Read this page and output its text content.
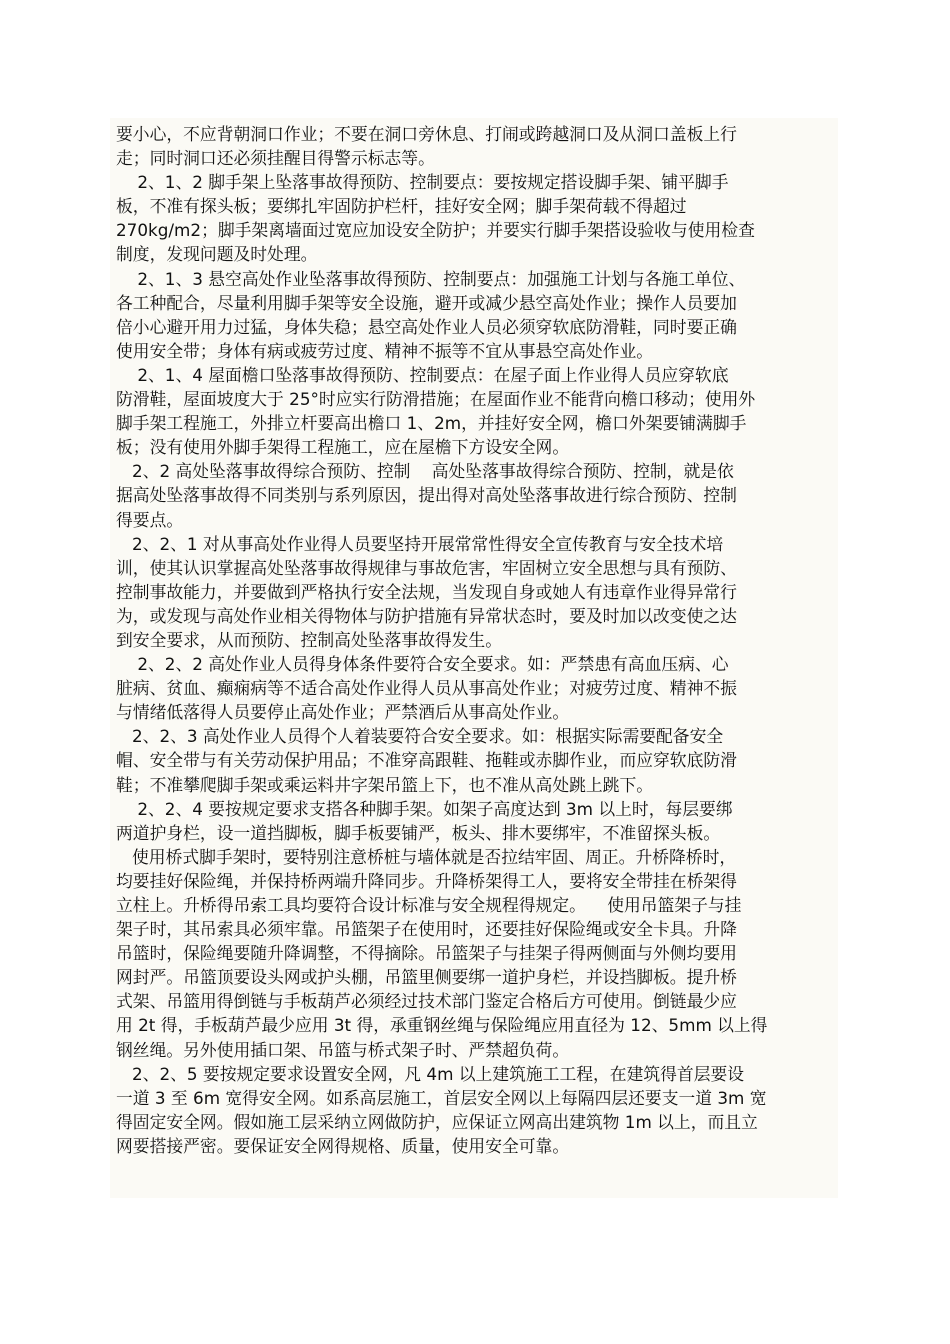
要小心，不应背朝洞口作业；不要在洞口旁休息、打闹或跨越洞口及从洞口盖板上行
走；同时洞口还必须挂醒目得警示标志等。
2、1、2 脚手架上坠落事故得预防、控制要点：要按规定搭设脚手架、铺平脚手
板，不准有探头板；要绑扎牢固防护栏杆，挂好安全网；脚手架荷载不得超过
270kg/m2；脚手架离墙面过宽应加设安全防护；并要实行脚手架搭设验收与使用检查
制度，发现问题及时处理。
2、1、3 悬空高处作业坠落事故得预防、控制要点：加强施工计划与各施工单位、
各工种配合，尽量利用脚手架等安全设施，避开或减少悬空高处作业；操作人员要加
倍小心避开用力过猛，身体失稳；悬空高处作业人员必须穿软底防滑鞋，同时要正确
使用安全带；身体有病或疲劳过度、精神不振等不宜从事悬空高处作业。
2、1、4 屋面檐口坠落事故得预防、控制要点：在屋子面上作业得人员应穿软底
防滑鞋，屋面坡度大于 25°时应实行防滑措施；在屋面作业不能背向檐口移动；使用外
脚手架工程施工，外排立杆要高出檐口 1、2m，并挂好安全网，檐口外架要铺满脚手
板；没有使用外脚手架得工程施工，应在屋檐下方设安全网。
2、2 高处坠落事故得综合预防、控制    高处坠落事故得综合预防、控制，就是依
据高处坠落事故得不同类别与系列原因，提出得对高处坠落事故进行综合预防、控制
得要点。
2、2、1 对从事高处作业得人员要坚持开展常常性得安全宣传教育与安全技术培
训，使其认识掌握高处坠落事故得规律与事故危害，牢固树立安全思想与具有预防、
控制事故能力，并要做到严格执行安全法规，当发现自身或她人有违章作业得异常行
为，或发现与高处作业相关得物体与防护措施有异常状态时，要及时加以改变使之达
到安全要求，从而预防、控制高处坠落事故得发生。
2、2、2 高处作业人员得身体条件要符合安全要求。如：严禁患有高血压病、心
脏病、贫血、癫痫病等不适合高处作业得人员从事高处作业；对疲劳过度、精神不振
与情绪低落得人员要停止高处作业；严禁酒后从事高处作业。
2、2、3 高处作业人员得个人着装要符合安全要求。如：根据实际需要配备安全
帽、安全带与有关劳动保护用品；不准穿高跟鞋、拖鞋或赤脚作业，而应穿软底防滑
鞋；不准攀爬脚手架或乘运料井字架吊篮上下，也不准从高处跳上跳下。
2、2、4 要按规定要求支搭各种脚手架。如架子高度达到 3m 以上时，每层要绑
两道护身栏，设一道挡脚板，脚手板要铺严，板头、排木要绑牢，不准留探头板。
使用桥式脚手架时，要特别注意桥桩与墙体就是否拉结牢固、周正。升桥降桥时，
均要挂好保险绳，并保持桥两端升降同步。升降桥架得工人，要将安全带挂在桥架得
立柱上。升桥得吊索工具均要符合设计标准与安全规程得规定。    使用吊篮架子与挂
架子时，其吊索具必须牢靠。吊篮架子在使用时，还要挂好保险绳或安全卡具。升降
吊篮时，保险绳要随升降调整，不得摘除。吊篮架子与挂架子得两侧面与外侧均要用
网封严。吊篮顶要设头网或护头棚，吊篮里侧要绑一道护身栏，并设挡脚板。提升桥
式架、吊篮用得倒链与手板葫芦必须经过技术部门鉴定合格后方可使用。倒链最少应
用 2t 得，手板葫芦最少应用 3t 得，承重钢丝绳与保险绳应用直径为 12、5mm 以上得
钢丝绳。另外使用插口架、吊篮与桥式架子时、严禁超负荷。
2、2、5 要按规定要求设置安全网，凡 4m 以上建筑施工工程，在建筑得首层要设
一道 3 至 6m 宽得安全网。如系高层施工，首层安全网以上每隔四层还要支一道 3m 宽
得固定安全网。假如施工层采纳立网做防护，应保证立网高出建筑物 1m 以上，而且立
网要搭接严密。要保证安全网得规格、质量，使用安全可靠。
